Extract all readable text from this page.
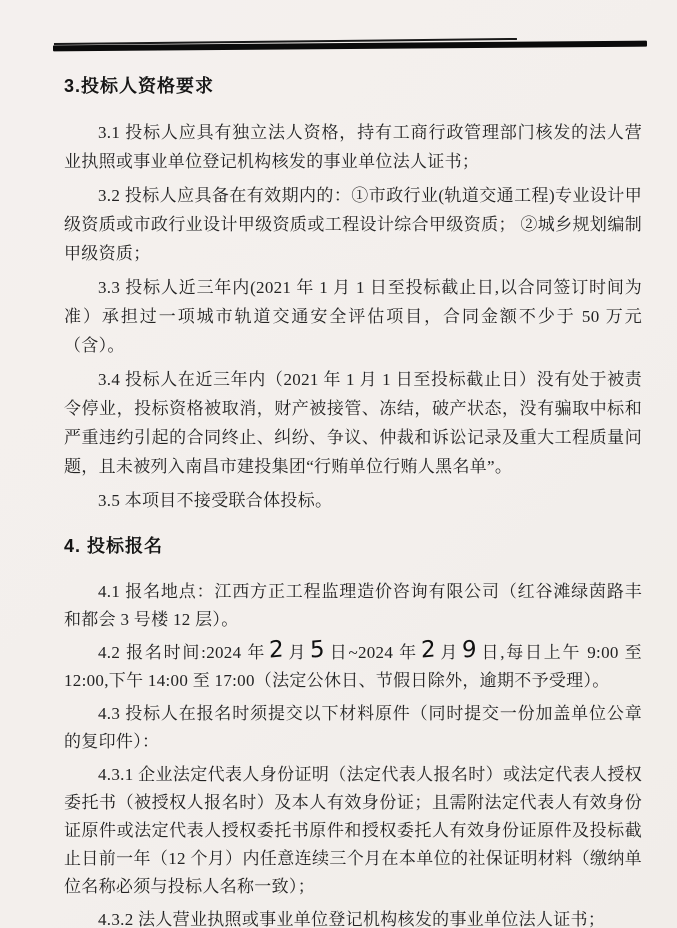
3.投标人资格要求

3.1 投标人应具有独立法人资格，持有工商行政管理部门核发的法人营业执照或事业单位登记机构核发的事业单位法人证书；

3.2 投标人应具备在有效期内的：①市政行业(轨道交通工程)专业设计甲级资质或市政行业设计甲级资质或工程设计综合甲级资质； ②城乡规划编制甲级资质；

3.3 投标人近三年内(2021 年 1 月 1 日至投标截止日,以合同签订时间为准）承担过一项城市轨道交通安全评估项目，合同金额不少于 50 万元（含）。

3.4 投标人在近三年内（2021 年 1 月 1 日至投标截止日）没有处于被责令停业，投标资格被取消，财产被接管、冻结，破产状态，没有骗取中标和严重违约引起的合同终止、纠纷、争议、仲裁和诉讼记录及重大工程质量问题，且未被列入南昌市建投集团“行贿单位行贿人黑名单”。

3.5 本项目不接受联合体投标。

4. 投标报名

4.1 报名地点：江西方正工程监理造价咨询有限公司（红谷滩绿茵路丰和都会 3 号楼 12 层）。

4.2 报名时间:2024 年 2 月 5 日~2024 年 2 月 9 日,每日上午 9:00 至 12:00,下午 14:00 至 17:00（法定公休日、节假日除外，逾期不予受理）。

4.3 投标人在报名时须提交以下材料原件（同时提交一份加盖单位公章的复印件）：

4.3.1 企业法定代表人身份证明（法定代表人报名时）或法定代表人授权委托书（被授权人报名时）及本人有效身份证；且需附法定代表人有效身份证原件或法定代表人授权委托书原件和授权委托人有效身份证原件及投标截止日前一年（12 个月）内任意连续三个月在本单位的社保证明材料（缴纳单位名称必须与投标人名称一致）；

4.3.2 法人营业执照或事业单位登记机构核发的事业单位法人证书；
